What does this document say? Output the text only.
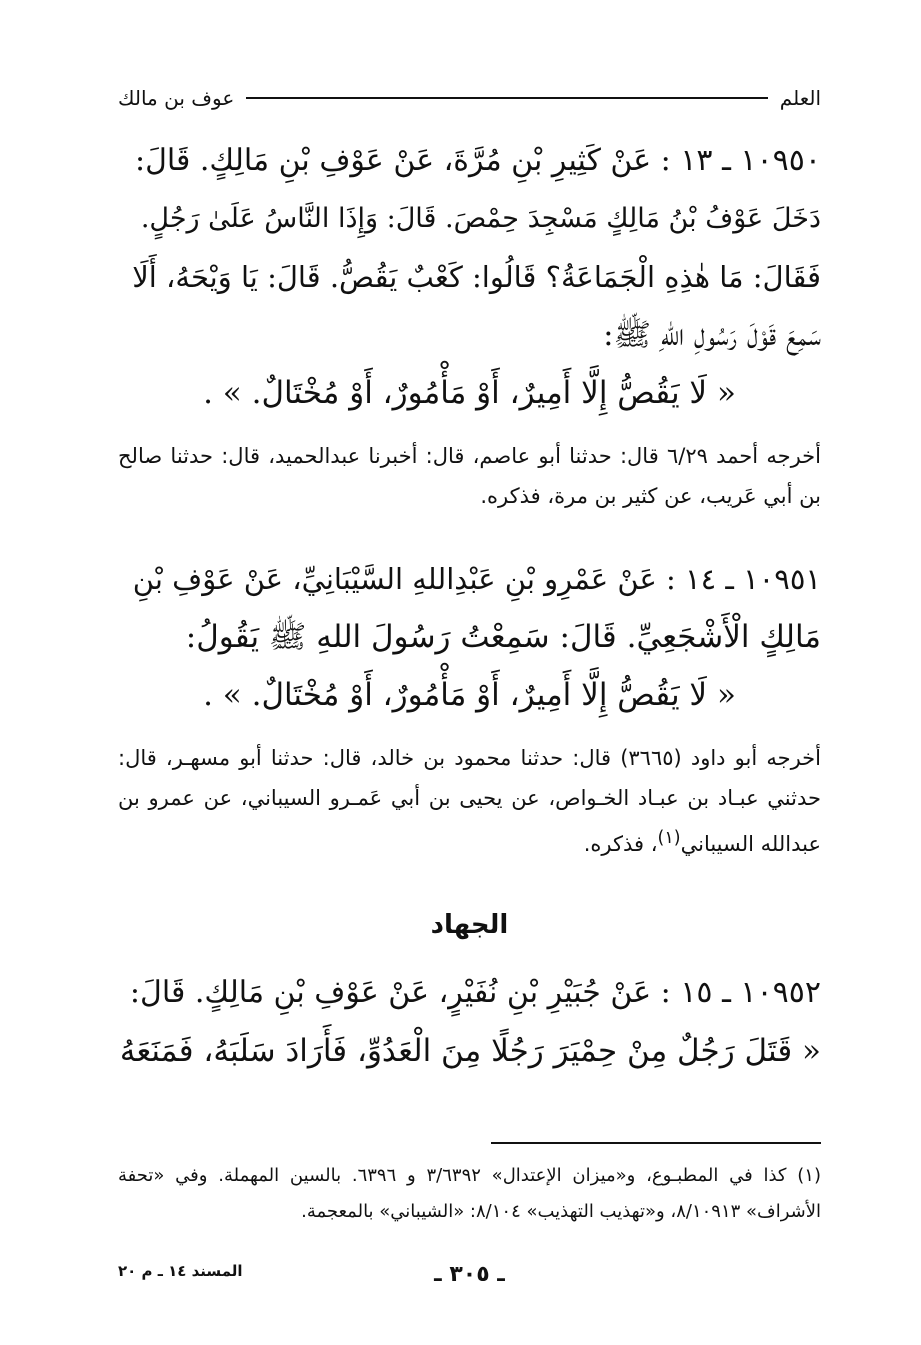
العلم
عوف بن مالك

١٠٩٥٠ ـ ١٣ : عَنْ كَثِيرِ بْنِ مُرَّةَ، عَنْ عَوْفِ بْنِ مَالِكٍ. قَالَ:

دَخَلَ عَوْفُ بْنُ مَالِكٍ مَسْجِدَ حِمْصَ. قَالَ: وَإِذَا النَّاسُ عَلَىٰ رَجُلٍ.

فَقَالَ: مَا هٰذِهِ الْجَمَاعَةُ؟ قَالُوا: كَعْبٌ يَقُصُّ. قَالَ: يَا وَيْحَهُ، أَلَا

سَمِعَ قَوْلَ رَسُولِ اللهِ ﷺ:

« لَا يَقُصُّ إِلَّا أَمِيرٌ، أَوْ مَأْمُورٌ، أَوْ مُخْتَالٌ. » .

أخرجه أحمد ٦/٢٩ قال: حدثنا أبو عاصم، قال: أخبرنا عبدالحميد، قال: حدثنا صالح بن أبي عَريب، عن كثير بن مرة، فذكره.

١٠٩٥١ ـ ١٤ : عَنْ عَمْرِو بْنِ عَبْدِاللهِ السَّيْبَانِيِّ، عَنْ عَوْفِ بْنِ

مَالِكٍ الْأَشْجَعِيِّ. قَالَ: سَمِعْتُ رَسُولَ اللهِ ﷺ يَقُولُ:

« لَا يَقُصُّ إِلَّا أَمِيرٌ، أَوْ مَأْمُورٌ، أَوْ مُخْتَالٌ. » .

أخرجه أبو داود (٣٦٦٥) قال: حدثنا محمود بن خالد، قال: حدثنا أبو مسهـر، قال: حدثني عبـاد بن عبـاد الخـواص، عن يحيى بن أبي عَمـرو السيباني، عن عمرو بن عبدالله السيباني$^{(١)}$، فذكره.

الجهاد

١٠٩٥٢ ـ ١٥ : عَنْ جُبَيْرِ بْنِ نُفَيْرٍ، عَنْ عَوْفِ بْنِ مَالِكٍ. قَالَ:

« قَتَلَ رَجُلٌ مِنْ حِمْيَرَ رَجُلًا مِنَ الْعَدُوِّ، فَأَرَادَ سَلَبَهُ، فَمَنَعَهُ

(١) كذا في المطبـوع، و«ميزان الإعتدال» ٣/٦٣٩٢ و ٦٣٩٦. بالسين المهملة. وفي «تحفة الأشراف» ٨/١٠٩١٣، و«تهذيب التهذيب» ٨/١٠٤: «الشيباني» بالمعجمة.
ـ ٣٠٥ ـ
المسند ١٤ ـ م ٢٠
